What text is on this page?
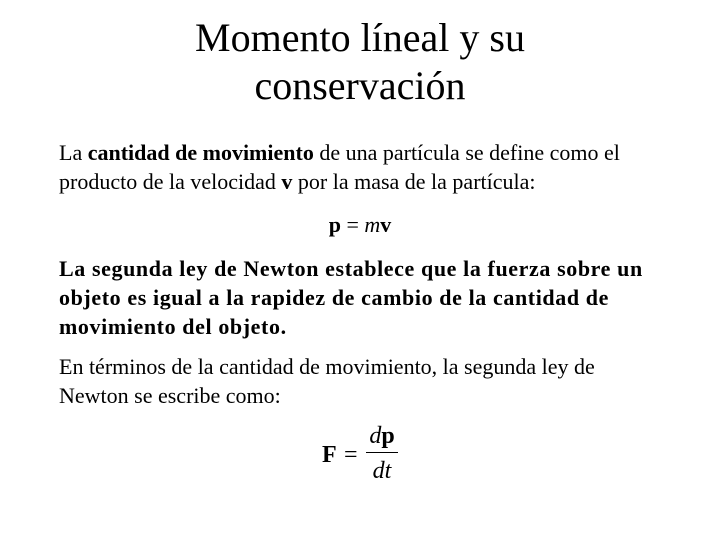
Momento líneal y su
conservación
La cantidad de movimiento de una partícula se define como el producto de la velocidad v por la masa de la partícula:
p = mv
La segunda ley de Newton establece que la fuerza sobre un objeto es igual a la rapidez de cambio de la cantidad de movimiento del objeto.
En términos de la cantidad de movimiento, la segunda ley de Newton se escribe como:
F =
dp
dt
